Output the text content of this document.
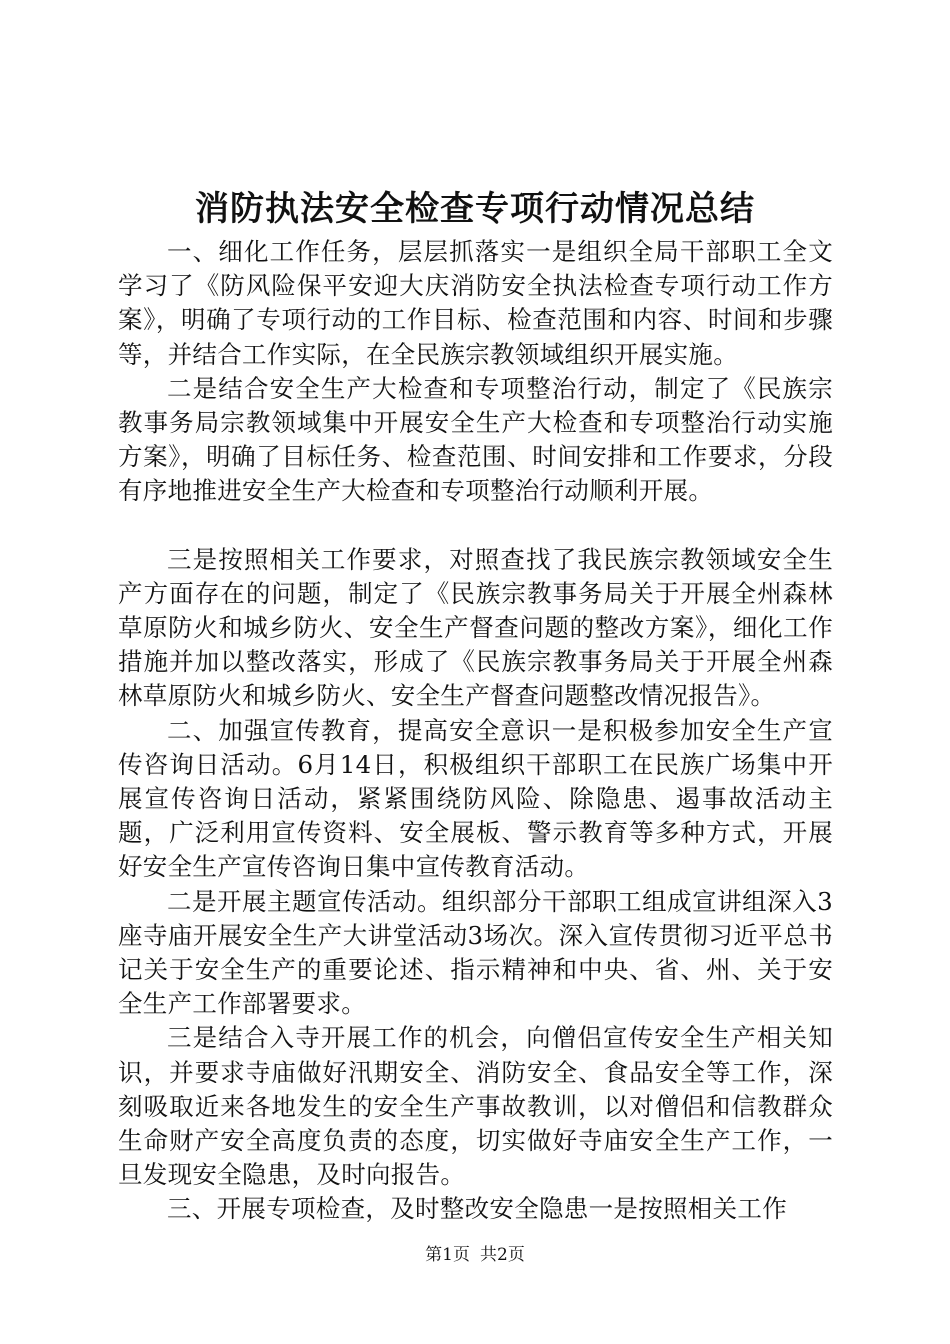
消防执法安全检查专项行动情况总结

一、细化工作任务，层层抓落实一是组织全局干部职工全文学习了《防风险保平安迎大庆消防安全执法检查专项行动工作方案》，明确了专项行动的工作目标、检查范围和内容、时间和步骤等，并结合工作实际，在全民族宗教领域组织开展实施。

二是结合安全生产大检查和专项整治行动，制定了《民族宗教事务局宗教领域集中开展安全生产大检查和专项整治行动实施方案》，明确了目标任务、检查范围、时间安排和工作要求，分段有序地推进安全生产大检查和专项整治行动顺利开展。

三是按照相关工作要求，对照查找了我民族宗教领域安全生产方面存在的问题，制定了《民族宗教事务局关于开展全州森林草原防火和城乡防火、安全生产督查问题的整改方案》，细化工作措施并加以整改落实，形成了《民族宗教事务局关于开展全州森林草原防火和城乡防火、安全生产督查问题整改情况报告》。

二、加强宣传教育，提高安全意识一是积极参加安全生产宣传咨询日活动。6月14日，积极组织干部职工在民族广场集中开展宣传咨询日活动，紧紧围绕防风险、除隐患、遏事故活动主题，广泛利用宣传资料、安全展板、警示教育等多种方式，开展好安全生产宣传咨询日集中宣传教育活动。

二是开展主题宣传活动。组织部分干部职工组成宣讲组深入3座寺庙开展安全生产大讲堂活动3场次。深入宣传贯彻习近平总书记关于安全生产的重要论述、指示精神和中央、省、州、关于安全生产工作部署要求。

三是结合入寺开展工作的机会，向僧侣宣传安全生产相关知识，并要求寺庙做好汛期安全、消防安全、食品安全等工作，深刻吸取近来各地发生的安全生产事故教训，以对僧侣和信教群众生命财产安全高度负责的态度，切实做好寺庙安全生产工作，一旦发现安全隐患，及时向报告。

三、开展专项检查，及时整改安全隐患一是按照相关工作

第1页 共2页
